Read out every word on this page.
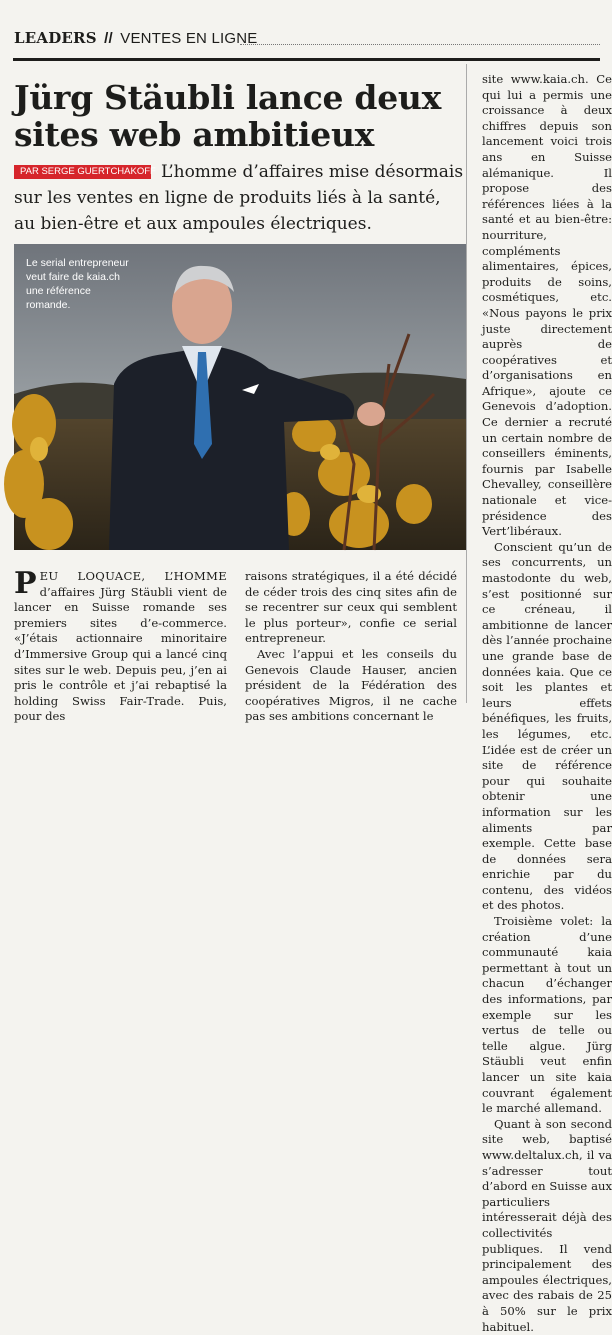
LEADERS // VENTES EN LIGNE
Jürg Stäubli lance deux sites web ambitieux

L’homme d’affaires mise désormais sur les ventes en ligne de produits liés à la santé, au bien-être et aux ampoules électriques.

PAR SERGE GUERTCHAKOFF

Le serial entrepreneur veut faire de kaia.ch une référence romande.

PEU LOQUACE, L’HOMME d’affaires Jürg Stäubli vient de lancer en Suisse romande ses premiers sites d’e-commerce. «J’étais actionnaire minoritaire d’Immersive Group qui a lancé cinq sites sur le web. Depuis peu, j’en ai pris le contrôle et j’ai rebaptisé la holding Swiss Fair-Trade. Puis, pour des

raisons stratégiques, il a été décidé de céder trois des cinq sites afin de se recentrer sur ceux qui semblent le plus porteur», confie ce serial entrepreneur.

Avec l’appui et les conseils du Genevois Claude Hauser, ancien président de la Fédération des coopératives Migros, il ne cache pas ses ambitions concernant le

site www.kaia.ch. Ce qui lui a permis une croissance à deux chiffres depuis son lancement voici trois ans en Suisse alémanique. Il propose des références liées à la santé et au bien-être: nourriture, compléments alimentaires, épices, produits de soins, cosmétiques, etc. «Nous payons le prix juste directement auprès de coopératives et d’organisations en Afrique», ajoute ce Genevois d’adoption. Ce dernier a recruté un certain nombre de conseillers éminents, fournis par Isabelle Chevalley, conseillère nationale et vice-présidence des Vert’libéraux.

Conscient qu’un de ses concurrents, un mastodonte du web, s’est positionné sur ce créneau, il ambitionne de lancer dès l’année prochaine une grande base de données kaia. Que ce soit les plantes et leurs effets bénéfiques, les fruits, les légumes, etc. L’idée est de créer un site de référence pour qui souhaite obtenir une information sur les aliments par exemple. Cette base de données sera enrichie par du contenu, des vidéos et des photos.

Troisième volet: la création d’une communauté kaia permettant à tout un chacun d’échanger des informations, par exemple sur les vertus de telle ou telle algue. Jürg Stäubli veut enfin lancer un site kaia couvrant également le marché allemand.

Quant à son second site web, baptisé www.deltalux.ch, il va s’adresser tout d’abord en Suisse aux particuliers intéresserait déjà des collectivités publiques. Il vend principalement des ampoules électriques, avec des rabais de 25 à 50% sur le prix habituel.
